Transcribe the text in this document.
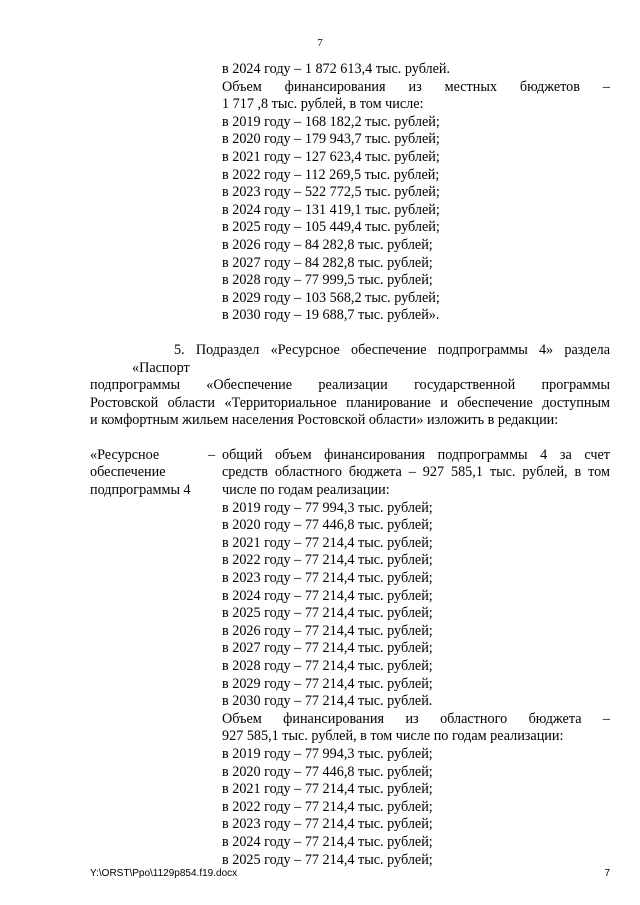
7
в 2024 году – 1 872 613,4 тыс. рублей.
Объем финансирования из местных бюджетов –
1 717 ,8 тыс. рублей, в том числе:
в 2019 году – 168 182,2 тыс. рублей;
в 2020 году – 179 943,7 тыс. рублей;
в 2021 году – 127 623,4 тыс. рублей;
в 2022 году – 112 269,5 тыс. рублей;
в 2023 году – 522 772,5 тыс. рублей;
в 2024 году – 131 419,1 тыс. рублей;
в 2025 году – 105 449,4 тыс. рублей;
в 2026 году – 84 282,8 тыс. рублей;
в 2027 году – 84 282,8 тыс. рублей;
в 2028 году – 77 999,5 тыс. рублей;
в 2029 году – 103 568,2 тыс. рублей;
в 2030 году – 19 688,7 тыс. рублей».
5. Подраздел «Ресурсное обеспечение подпрограммы 4» раздела «Паспорт
подпрограммы «Обеспечение реализации государственной программы
Ростовской области «Территориальное планирование и обеспечение доступным
и комфортным жильем населения Ростовской области» изложить в редакции:
«Ресурсное
обеспечение
подпрограммы 4
– общий объем финансирования подпрограммы 4 за счет
средств областного бюджета – 927 585,1 тыс. рублей, в том
числе по годам реализации:
в 2019 году – 77 994,3 тыс. рублей;
в 2020 году – 77 446,8 тыс. рублей;
в 2021 году – 77 214,4 тыс. рублей;
в 2022 году – 77 214,4 тыс. рублей;
в 2023 году – 77 214,4 тыс. рублей;
в 2024 году – 77 214,4 тыс. рублей;
в 2025 году – 77 214,4 тыс. рублей;
в 2026 году – 77 214,4 тыс. рублей;
в 2027 году – 77 214,4 тыс. рублей;
в 2028 году – 77 214,4 тыс. рублей;
в 2029 году – 77 214,4 тыс. рублей;
в 2030 году – 77 214,4 тыс. рублей.
Объем финансирования из областного бюджета –
927 585,1 тыс. рублей, в том числе по годам реализации:
в 2019 году – 77 994,3 тыс. рублей;
в 2020 году – 77 446,8 тыс. рублей;
в 2021 году – 77 214,4 тыс. рублей;
в 2022 году – 77 214,4 тыс. рублей;
в 2023 году – 77 214,4 тыс. рублей;
в 2024 году – 77 214,4 тыс. рублей;
в 2025 году – 77 214,4 тыс. рублей;
Y:\ORST\Ppo\1129p854.f19.docx	7
